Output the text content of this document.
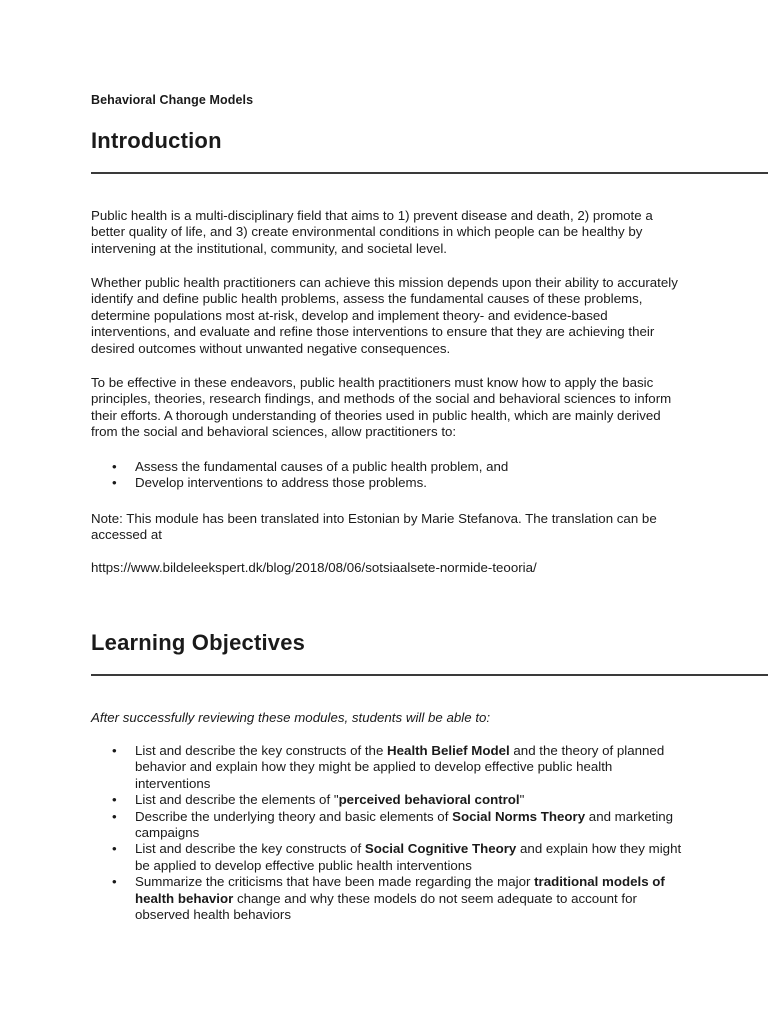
Behavioral Change Models
Introduction

Public health is a multi-disciplinary field that aims to 1) prevent disease and death, 2) promote a better quality of life, and 3) create environmental conditions in which people can be healthy by intervening at the institutional, community, and societal level.

Whether public health practitioners can achieve this mission depends upon their ability to accurately identify and define public health problems, assess the fundamental causes of these problems, determine populations most at-risk, develop and implement theory- and evidence-based interventions, and evaluate and refine those interventions to ensure that they are achieving their desired outcomes without unwanted negative consequences.

To be effective in these endeavors, public health practitioners must know how to apply the basic principles, theories, research findings, and methods of the social and behavioral sciences to inform their efforts. A thorough understanding of theories used in public health, which are mainly derived from the social and behavioral sciences, allow practitioners to:

• Assess the fundamental causes of a public health problem, and
• Develop interventions to address those problems.

Note: This module has been translated into Estonian by Marie Stefanova. The translation can be accessed at

https://www.bildeleekspert.dk/blog/2018/08/06/sotsiaalsete-normide-teooria/

Learning Objectives

After successfully reviewing these modules, students will be able to:

• List and describe the key constructs of the Health Belief Model and the theory of planned behavior and explain how they might be applied to develop effective public health interventions
• List and describe the elements of "perceived behavioral control"
• Describe the underlying theory and basic elements of Social Norms Theory and marketing campaigns
• List and describe the key constructs of Social Cognitive Theory and explain how they might be applied to develop effective public health interventions
• Summarize the criticisms that have been made regarding the major traditional models of health behavior change and why these models do not seem adequate to account for observed health behaviors
